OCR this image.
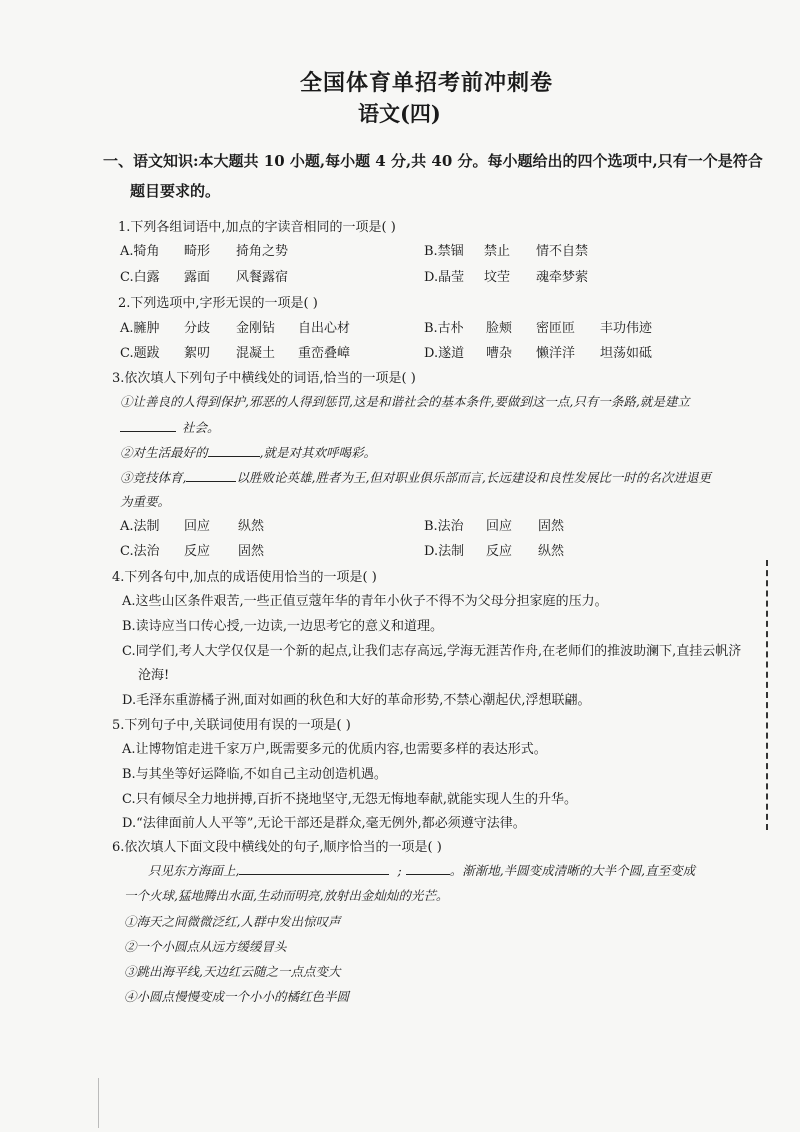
全国体育单招考前冲刺卷
语文(四)
一、语文知识:本大题共 10 小题,每小题 4 分,共 40 分。每小题给出的四个选项中,只有一个是符合
题目要求的。
1.下列各组词语中,加点的字读音相同的一项是( )
A.犄角 畸形 掎角之势	B.禁锢 禁止 情不自禁
C.白露 露面 风餐露宿	D.晶莹 坟茔 魂牵梦萦
2.下列选项中,字形无误的一项是( )
A.臃肿 分歧 金刚钻 自出心材	B.古朴 脸颊 密匝匝 丰功伟迹
C.题跋 絮叨 混凝土 重峦叠嶂	D.遂道 嘈杂 懒洋洋 坦荡如砥
3.依次填人下列句子中横线处的词语,恰当的一项是( )
①让善良的人得到保护,邪恶的人得到惩罚,这是和谐社会的基本条件,要做到这一点,只有一条路,就是建立
社会。
②对生活最好的	,就是对其欢呼喝彩。
③竞技体育,	以胜败论英雄,胜者为王,但对职业俱乐部而言,长远建设和良性发展比一时的名次进退更
为重要。
A.法制 回应 纵然	B.法治 回应 固然
C.法治 反应 固然	D.法制 反应 纵然
4.下列各句中,加点的成语使用恰当的一项是( )
A.这些山区条件艰苦,一些正值豆蔻年华的青年小伙子不得不为父母分担家庭的压力。
B.读诗应当口传心授,一边读,一边思考它的意义和道理。
C.同学们,考人大学仅仅是一个新的起点,让我们志存高远,学海无涯苦作舟,在老师们的推波助澜下,直挂云帆济
沧海!
D.毛泽东重游橘子洲,面对如画的秋色和大好的革命形势,不禁心潮起伏,浮想联翩。
5.下列句子中,关联词使用有误的一项是( )
A.让博物馆走进千家万户,既需要多元的优质内容,也需要多样的表达形式。
B.与其坐等好运降临,不如自己主动创造机遇。
C.只有倾尽全力地拼搏,百折不挠地坚守,无怨无悔地奉献,就能实现人生的升华。
D.“法律面前人人平等”,无论干部还是群众,毫无例外,都必须遵守法律。
6.依次填人下面文段中横线处的句子,顺序恰当的一项是( )
只见东方海面上,	;	。渐渐地,半圆变成清晰的大半个圆,直至变成
一个火球,猛地腾出水面,生动而明亮,放射出金灿灿的光芒。
①海天之间微微泛红,人群中发出惊叹声
②一个小圆点从远方缓缓冒头
③跳出海平线,天边红云随之一点点变大
④小圆点慢慢变成一个小小的橘红色半圆
